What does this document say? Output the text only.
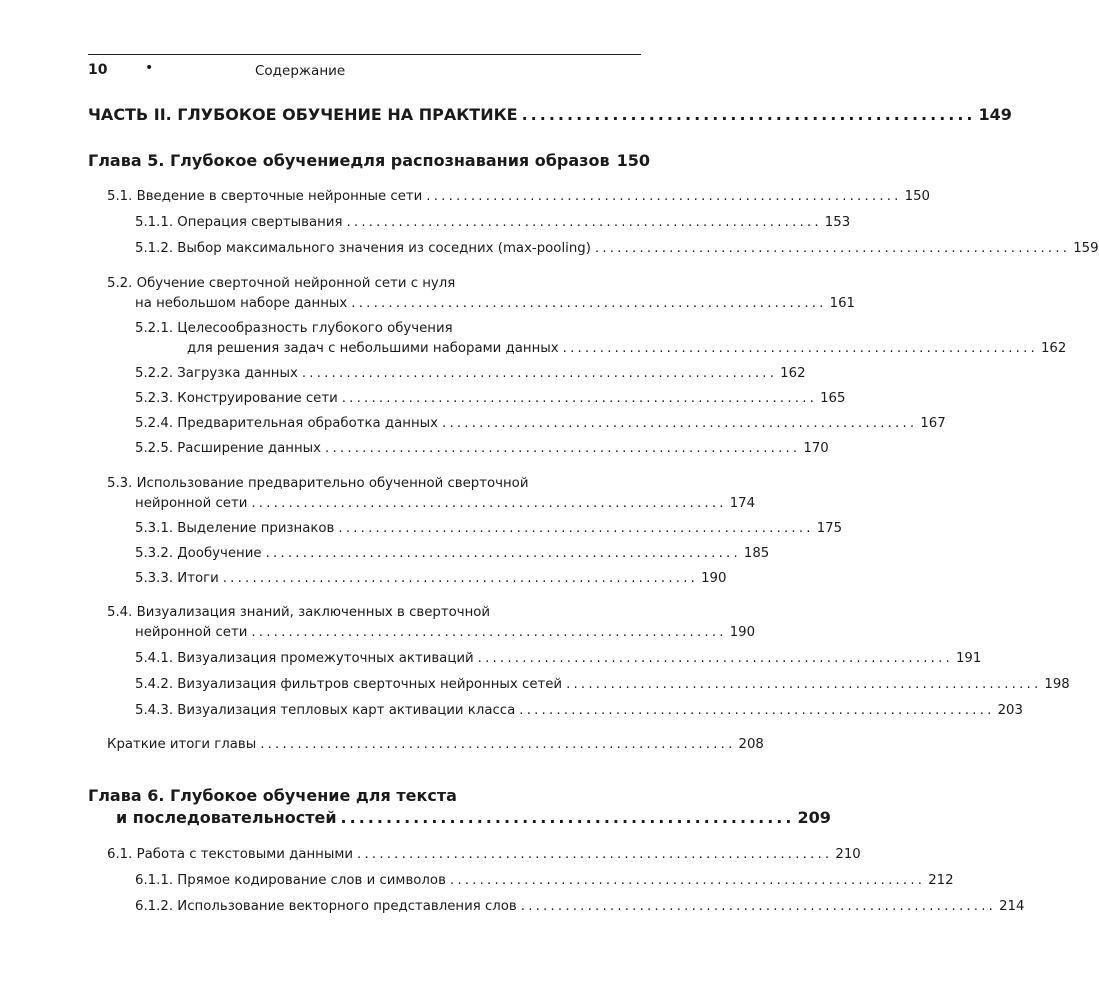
10	•	Содержание
ЧАСТЬ II. ГЛУБОКОЕ ОБУЧЕНИЕ НА ПРАКТИКЕ .................................................. 149
Глава 5. Глубокое обучениедля распознавания образов 150
5.1. Введение в сверточные нейронные сети ................................................................ 150
5.1.1. Операция свертывания ................................................................ 153
5.1.2. Выбор максимального значения из соседних (max-pooling) ................................................................ 159
5.2. Обучение сверточной нейронной сети с нуля
на небольшом наборе данных ................................................................ 161
5.2.1. Целесообразность глубокого обучения
для решения задач с небольшими наборами данных ................................................................ 162
5.2.2. Загрузка данных ................................................................ 162
5.2.3. Конструирование сети ................................................................ 165
5.2.4. Предварительная обработка данных ................................................................ 167
5.2.5. Расширение данных ................................................................ 170
5.3. Использование предварительно обученной сверточной
нейронной сети ................................................................ 174
5.3.1. Выделение признаков ................................................................ 175
5.3.2. Дообучение ................................................................ 185
5.3.3. Итоги ................................................................ 190
5.4. Визуализация знаний, заключенных в сверточной
нейронной сети ................................................................ 190
5.4.1. Визуализация промежуточных активаций ................................................................ 191
5.4.2. Визуализация фильтров сверточных нейронных сетей ................................................................ 198
5.4.3. Визуализация тепловых карт активации класса ................................................................ 203
Краткие итоги главы ................................................................ 208
Глава 6. Глубокое обучение для текста
и последовательностей .................................................. 209
6.1. Работа с текстовыми данными ................................................................ 210
6.1.1. Прямое кодирование слов и символов ................................................................ 212
6.1.2. Использование векторного представления слов ................................................................ 214
